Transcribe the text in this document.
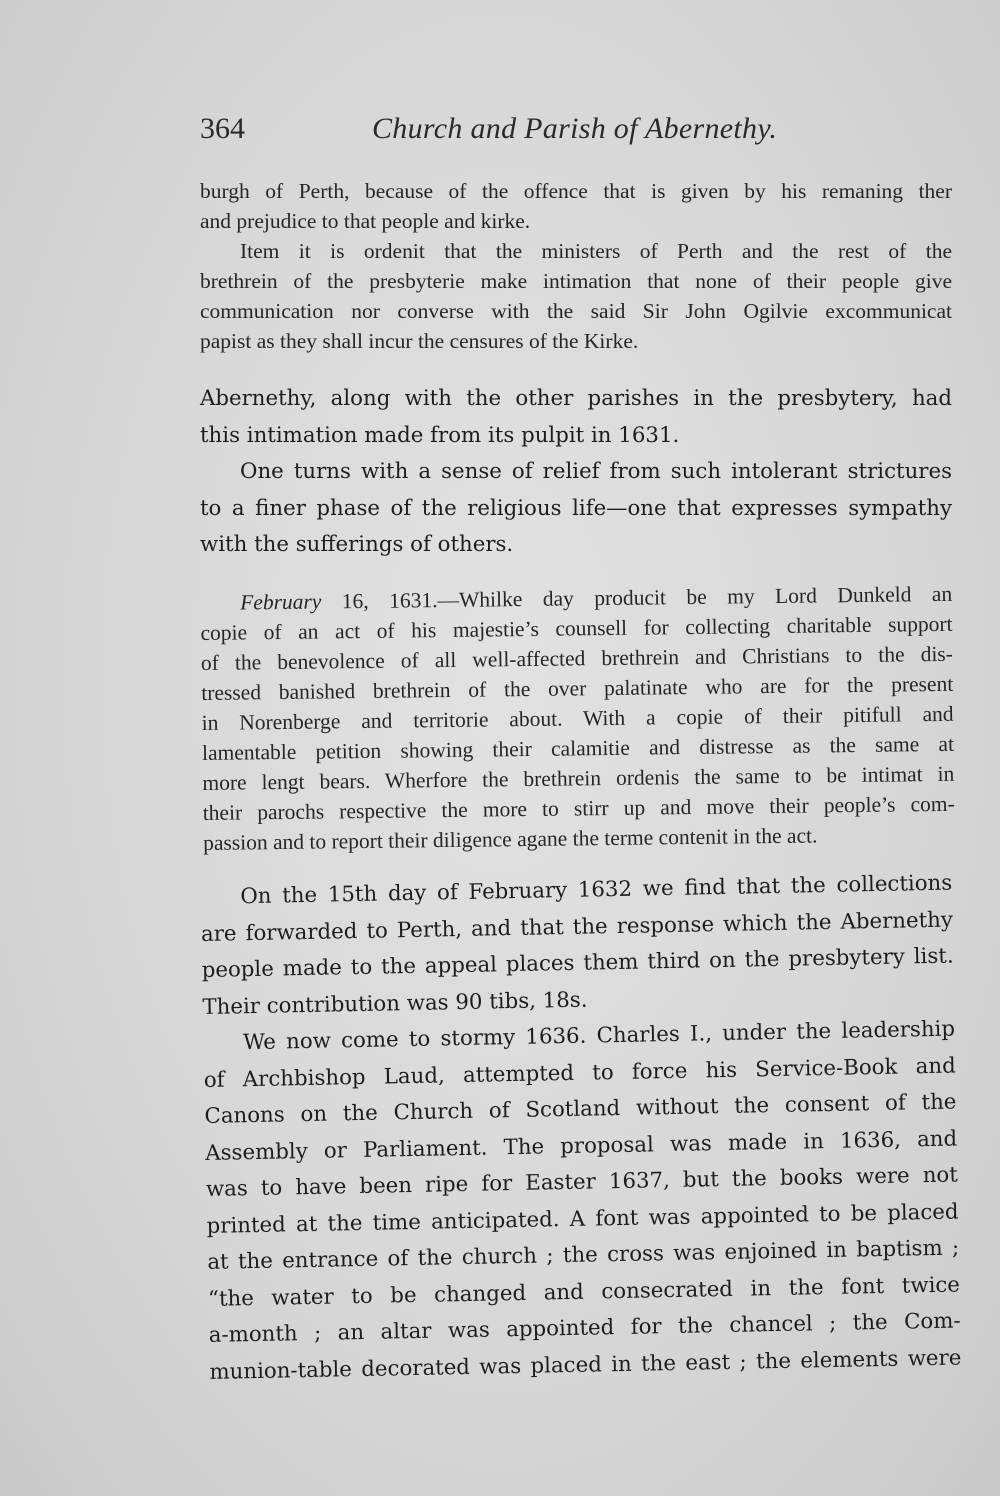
364	Church and Parish of Abernethy.
burgh of Perth, because of the offence that is given by his remaning ther
and prejudice to that people and kirke.
Item it is ordenit that the ministers of Perth and the rest of the
brethrein of the presbyterie make intimation that none of their people give
communication nor converse with the said Sir John Ogilvie excommunicat
papist as they shall incur the censures of the Kirke.
Abernethy, along with the other parishes in the presbytery, had
this intimation made from its pulpit in 1631.
One turns with a sense of relief from such intolerant strictures
to a finer phase of the religious life—one that expresses sympathy
with the sufferings of others.
February 16, 1631.—Whilke day producit be my Lord Dunkeld an
copie of an act of his majestie’s counsell for collecting charitable support
of the benevolence of all well-affected brethrein and Christians to the dis-
tressed banished brethrein of the over palatinate who are for the present
in Norenberge and territorie about. With a copie of their pitifull and
lamentable petition showing their calamitie and distresse as the same at
more lengt bears. Wherfore the brethrein ordenis the same to be intimat in
their parochs respective the more to stirr up and move their people’s com-
passion and to report their diligence agane the terme contenit in the act.
On the 15th day of February 1632 we find that the collections
are forwarded to Perth, and that the response which the Abernethy
people made to the appeal places them third on the presbytery list.
Their contribution was 90 tibs, 18s.
We now come to stormy 1636. Charles I., under the leadership
of Archbishop Laud, attempted to force his Service-Book and
Canons on the Church of Scotland without the consent of the
Assembly or Parliament. The proposal was made in 1636, and
was to have been ripe for Easter 1637, but the books were not
printed at the time anticipated. A font was appointed to be placed
at the entrance of the church ; the cross was enjoined in baptism ;
“the water to be changed and consecrated in the font twice
a-month ; an altar was appointed for the chancel ; the Com-
munion-table decorated was placed in the east ; the elements were
